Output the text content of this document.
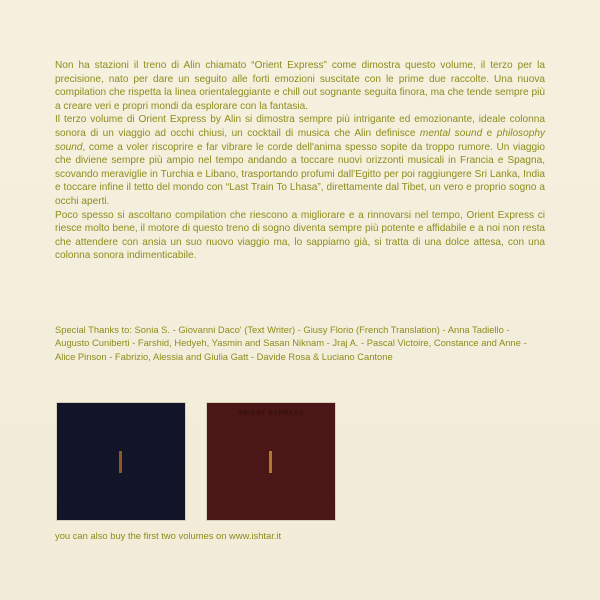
Non ha stazioni il treno di Alin chiamato “Orient Express” come dimostra questo volume, il terzo per la precisione, nato per dare un seguito alle forti emozioni suscitate con le prime due raccolte. Una nuova compilation che rispetta la linea orientaleggiante e chill out sognante seguita finora, ma che tende sempre più a creare veri e propri mondi da esplorare con la fantasia.

Il terzo volume di Orient Express by Alin si dimostra sempre più intrigante ed emozionante, ideale colonna sonora di un viaggio ad occhi chiusi, un cocktail di musica che Alin definisce mental sound e philosophy sound, come a voler riscoprire e far vibrare le corde dell'anima spesso sopite da troppo rumore. Un viaggio che diviene sempre più ampio nel tempo andando a toccare nuovi orizzonti musicali in Francia e Spagna, scovando meraviglie in Turchia e Libano, trasportando profumi dall'Egitto per poi raggiungere Sri Lanka, India e toccare infine il tetto del mondo con “Last Train To Lhasa”, direttamente dal Tibet, un vero e proprio sogno a occhi aperti.

Poco spesso si ascoltano compilation che riescono a migliorare e a rinnovarsi nel tempo, Orient Express ci riesce molto bene, il motore di questo treno di sogno diventa sempre più potente e affidabile e a noi non resta che attendere con ansia un suo nuovo viaggio ma, lo sappiamo già, si tratta di una dolce attesa, con una colonna sonora indimenticabile.

Special Thanks to: Sonia S. - Giovanni Daco' (Text Writer) - Giusy Florio (French Translation) - Anna Tadiello - Augusto Cuniberti - Farshid, Hedyeh, Yasmin and Sasan Niknam - Jraj A. - Pascal Victoire, Constance and Anne - Alice Pinson - Fabrizio, Alessia and Giulia Gatt - Davide Rosa & Luciano Cantone
ORIENT EXPRESS
you can also buy the first two volumes on www.ishtar.it
